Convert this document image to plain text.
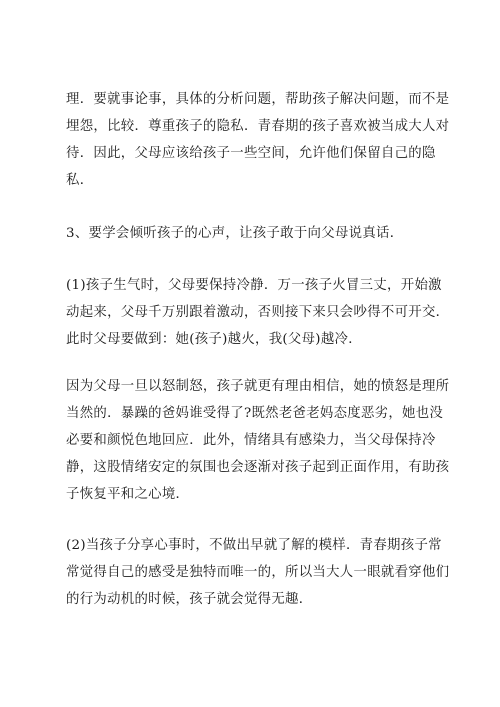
理．要就事论事，具体的分析问题，帮助孩子解决问题，而不是
埋怨，比较．尊重孩子的隐私．青春期的孩子喜欢被当成大人对
待．因此，父母应该给孩子一些空间，允许他们保留自己的隐
私．
3、要学会倾听孩子的心声，让孩子敢于向父母说真话．
(1)孩子生气时，父母要保持冷静．万一孩子火冒三丈，开始激
动起来，父母千万别跟着激动，否则接下来只会吵得不可开交．
此时父母要做到：她(孩子)越火，我(父母)越冷．
因为父母一旦以怒制怒，孩子就更有理由相信，她的愤怒是理所
当然的．暴躁的爸妈谁受得了?既然老爸老妈态度恶劣，她也没
必要和颜悦色地回应．此外，情绪具有感染力，当父母保持冷
静，这股情绪安定的氛围也会逐渐对孩子起到正面作用，有助孩
子恢复平和之心境．
(2)当孩子分享心事时，不做出早就了解的模样．青春期孩子常
常觉得自己的感受是独特而唯一的，所以当大人一眼就看穿他们
的行为动机的时候，孩子就会觉得无趣．
